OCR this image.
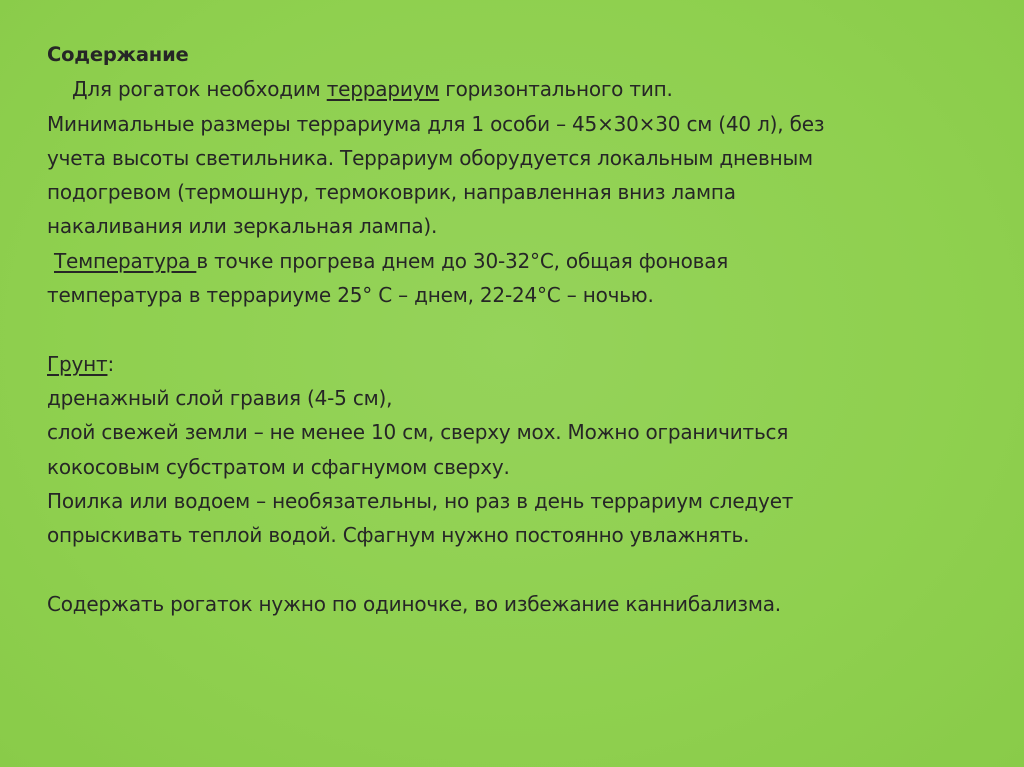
Содержание
Для рогаток необходим террариум горизонтального тип.
Минимальные размеры террариума для 1 особи – 45×30×30 см (40 л), без
учета высоты светильника. Террариум оборудуется локальным дневным
подогревом (термошнур, термоковрик, направленная вниз лампа
накаливания или зеркальная лампа).
Температура в точке прогрева днем до 30-32°С, общая фоновая
температура в террариуме 25° С – днем, 22-24°С – ночью.
Грунт:
дренажный слой гравия (4-5 см),
слой свежей земли – не менее 10 см, сверху мох. Можно ограничиться
кокосовым субстратом и сфагнумом сверху.
Поилка или водоем – необязательны, но раз в день террариум следует
опрыскивать теплой водой. Сфагнум нужно постоянно увлажнять.
Содержать рогаток нужно по одиночке, во избежание каннибализма.
